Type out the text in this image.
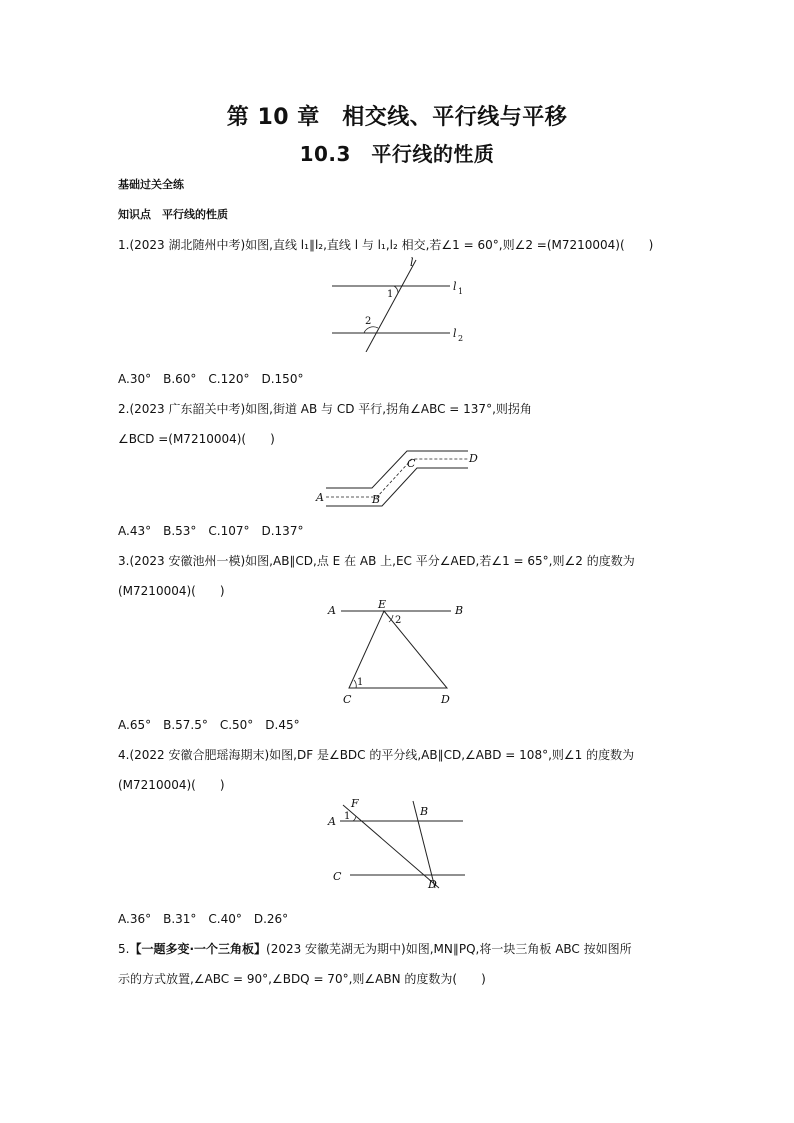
第 10 章　相交线、平行线与平移
10.3　平行线的性质
基础过关全练
知识点　平行线的性质
1.(2023 湖北随州中考)如图,直线 l₁∥l₂,直线 l 与 l₁,l₂ 相交,若∠1 = 60°,则∠2 =(M7210004)(　　)
l
1
2
l 1
l 2
A.30°　B.60°　C.120°　D.150°
2.(2023 广东韶关中考)如图,街道 AB 与 CD 平行,拐角∠ABC = 137°,则拐角
∠BCD =(M7210004)(　　)
A	B
C	D
A.43°　B.53°　C.107°　D.137°
3.(2023 安徽池州一模)如图,AB∥CD,点 E 在 AB 上,EC 平分∠AED,若∠1 = 65°,则∠2 的度数为
(M7210004)(　　)
A	E
2
B
1
C	D
A.65°　B.57.5°　C.50°　D.45°
4.(2022 安徽合肥瑶海期末)如图,DF 是∠BDC 的平分线,AB∥CD,∠ABD = 108°,则∠1 的度数为
(M7210004)(　　)
F
1
A
B
C
D
A.36°　B.31°　C.40°　D.26°
5.【一题多变·一个三角板】(2023 安徽芜湖无为期中)如图,MN∥PQ,将一块三角板 ABC 按如图所
示的方式放置,∠ABC = 90°,∠BDQ = 70°,则∠ABN 的度数为(　　)
